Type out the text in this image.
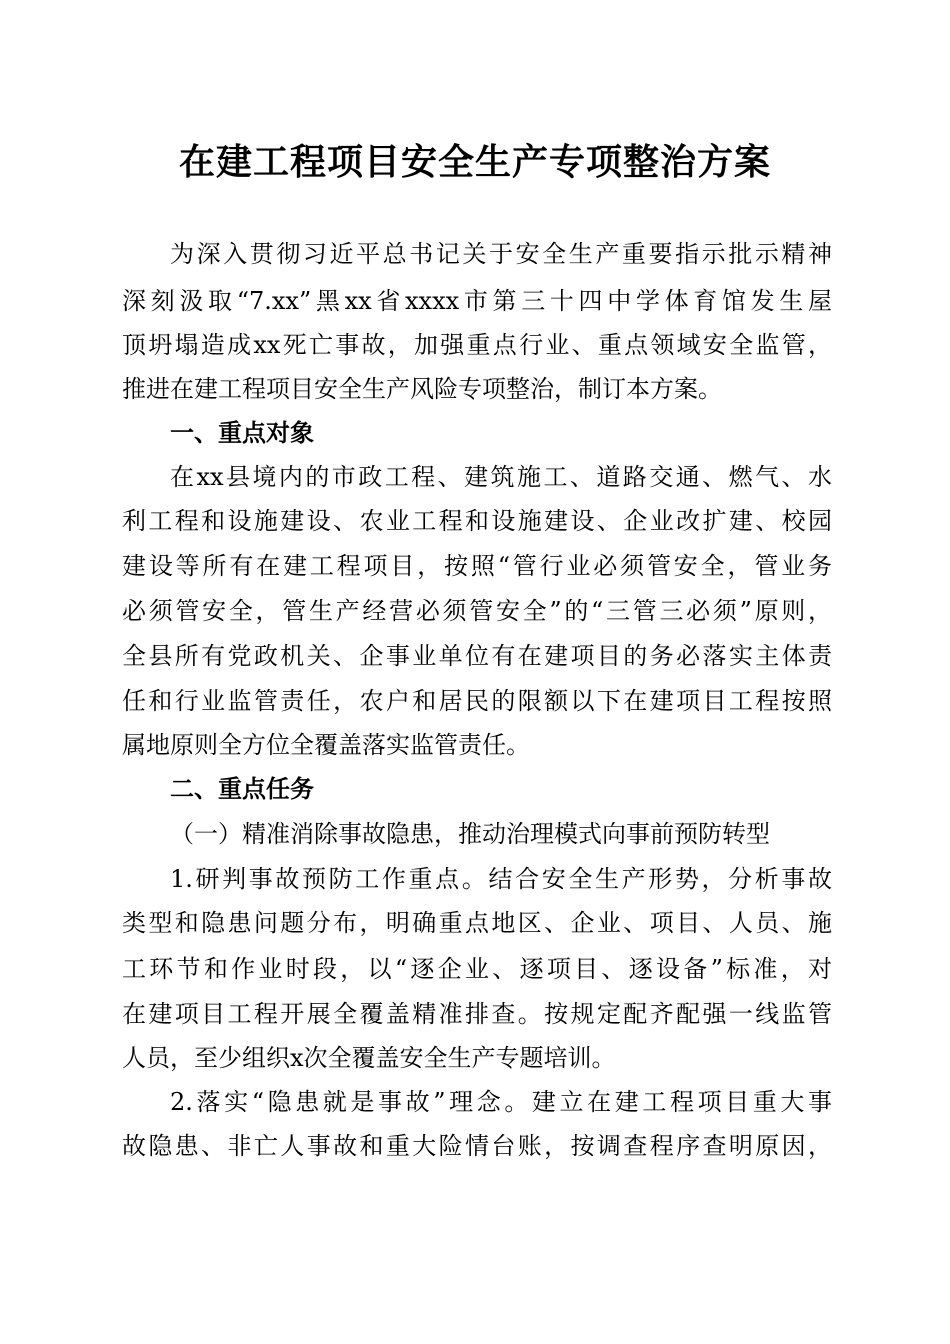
在建工程项目安全生产专项整治方案
为深入贯彻习近平总书记关于安全生产重要指示批示精神
深刻汲取“7.xx”黑xx省xxxx市第三十四中学体育馆发生屋
顶坍塌造成xx死亡事故，加强重点行业、重点领域安全监管，
推进在建工程项目安全生产风险专项整治，制订本方案。
一、重点对象
在xx县境内的市政工程、建筑施工、道路交通、燃气、水
利工程和设施建设、农业工程和设施建设、企业改扩建、校园
建设等所有在建工程项目，按照“管行业必须管安全，管业务
必须管安全，管生产经营必须管安全”的“三管三必须”原则，
全县所有党政机关、企事业单位有在建项目的务必落实主体责
任和行业监管责任，农户和居民的限额以下在建项目工程按照
属地原则全方位全覆盖落实监管责任。
二、重点任务
（一）精准消除事故隐患，推动治理模式向事前预防转型
1.研判事故预防工作重点。结合安全生产形势，分析事故
类型和隐患问题分布，明确重点地区、企业、项目、人员、施
工环节和作业时段，以“逐企业、逐项目、逐设备”标准，对
在建项目工程开展全覆盖精准排查。按规定配齐配强一线监管
人员，至少组织x次全覆盖安全生产专题培训。
2.落实“隐患就是事故”理念。建立在建工程项目重大事
故隐患、非亡人事故和重大险情台账，按调查程序查明原因，
